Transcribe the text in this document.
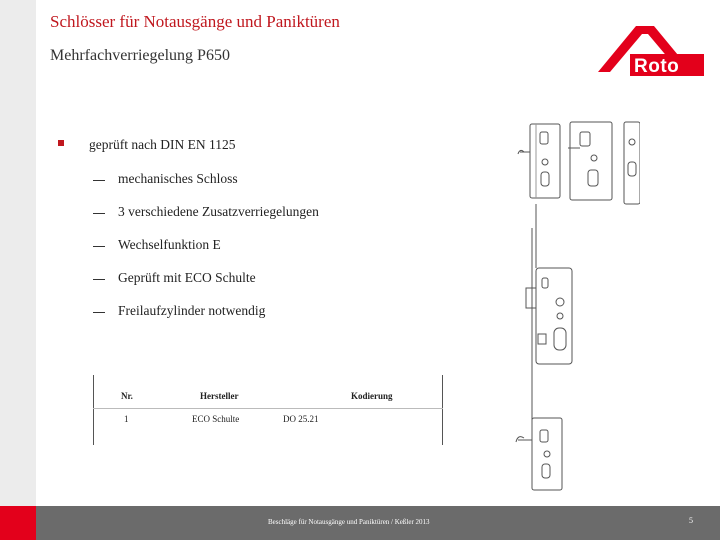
Schlösser für Notausgänge und Paniktüren
Mehrfachverriegelung P650
Roto
geprüft nach DIN EN 1125
mechanisches Schloss
3 verschiedene Zusatzverriegelungen
Wechselfunktion E
Geprüft mit ECO Schulte
Freilaufzylinder notwendig
Nr.	Hersteller	Kodierung
1	ECO Schulte	DO 25.21
Beschläge für Notausgänge und Paniktüren / Keßler 2013	5
